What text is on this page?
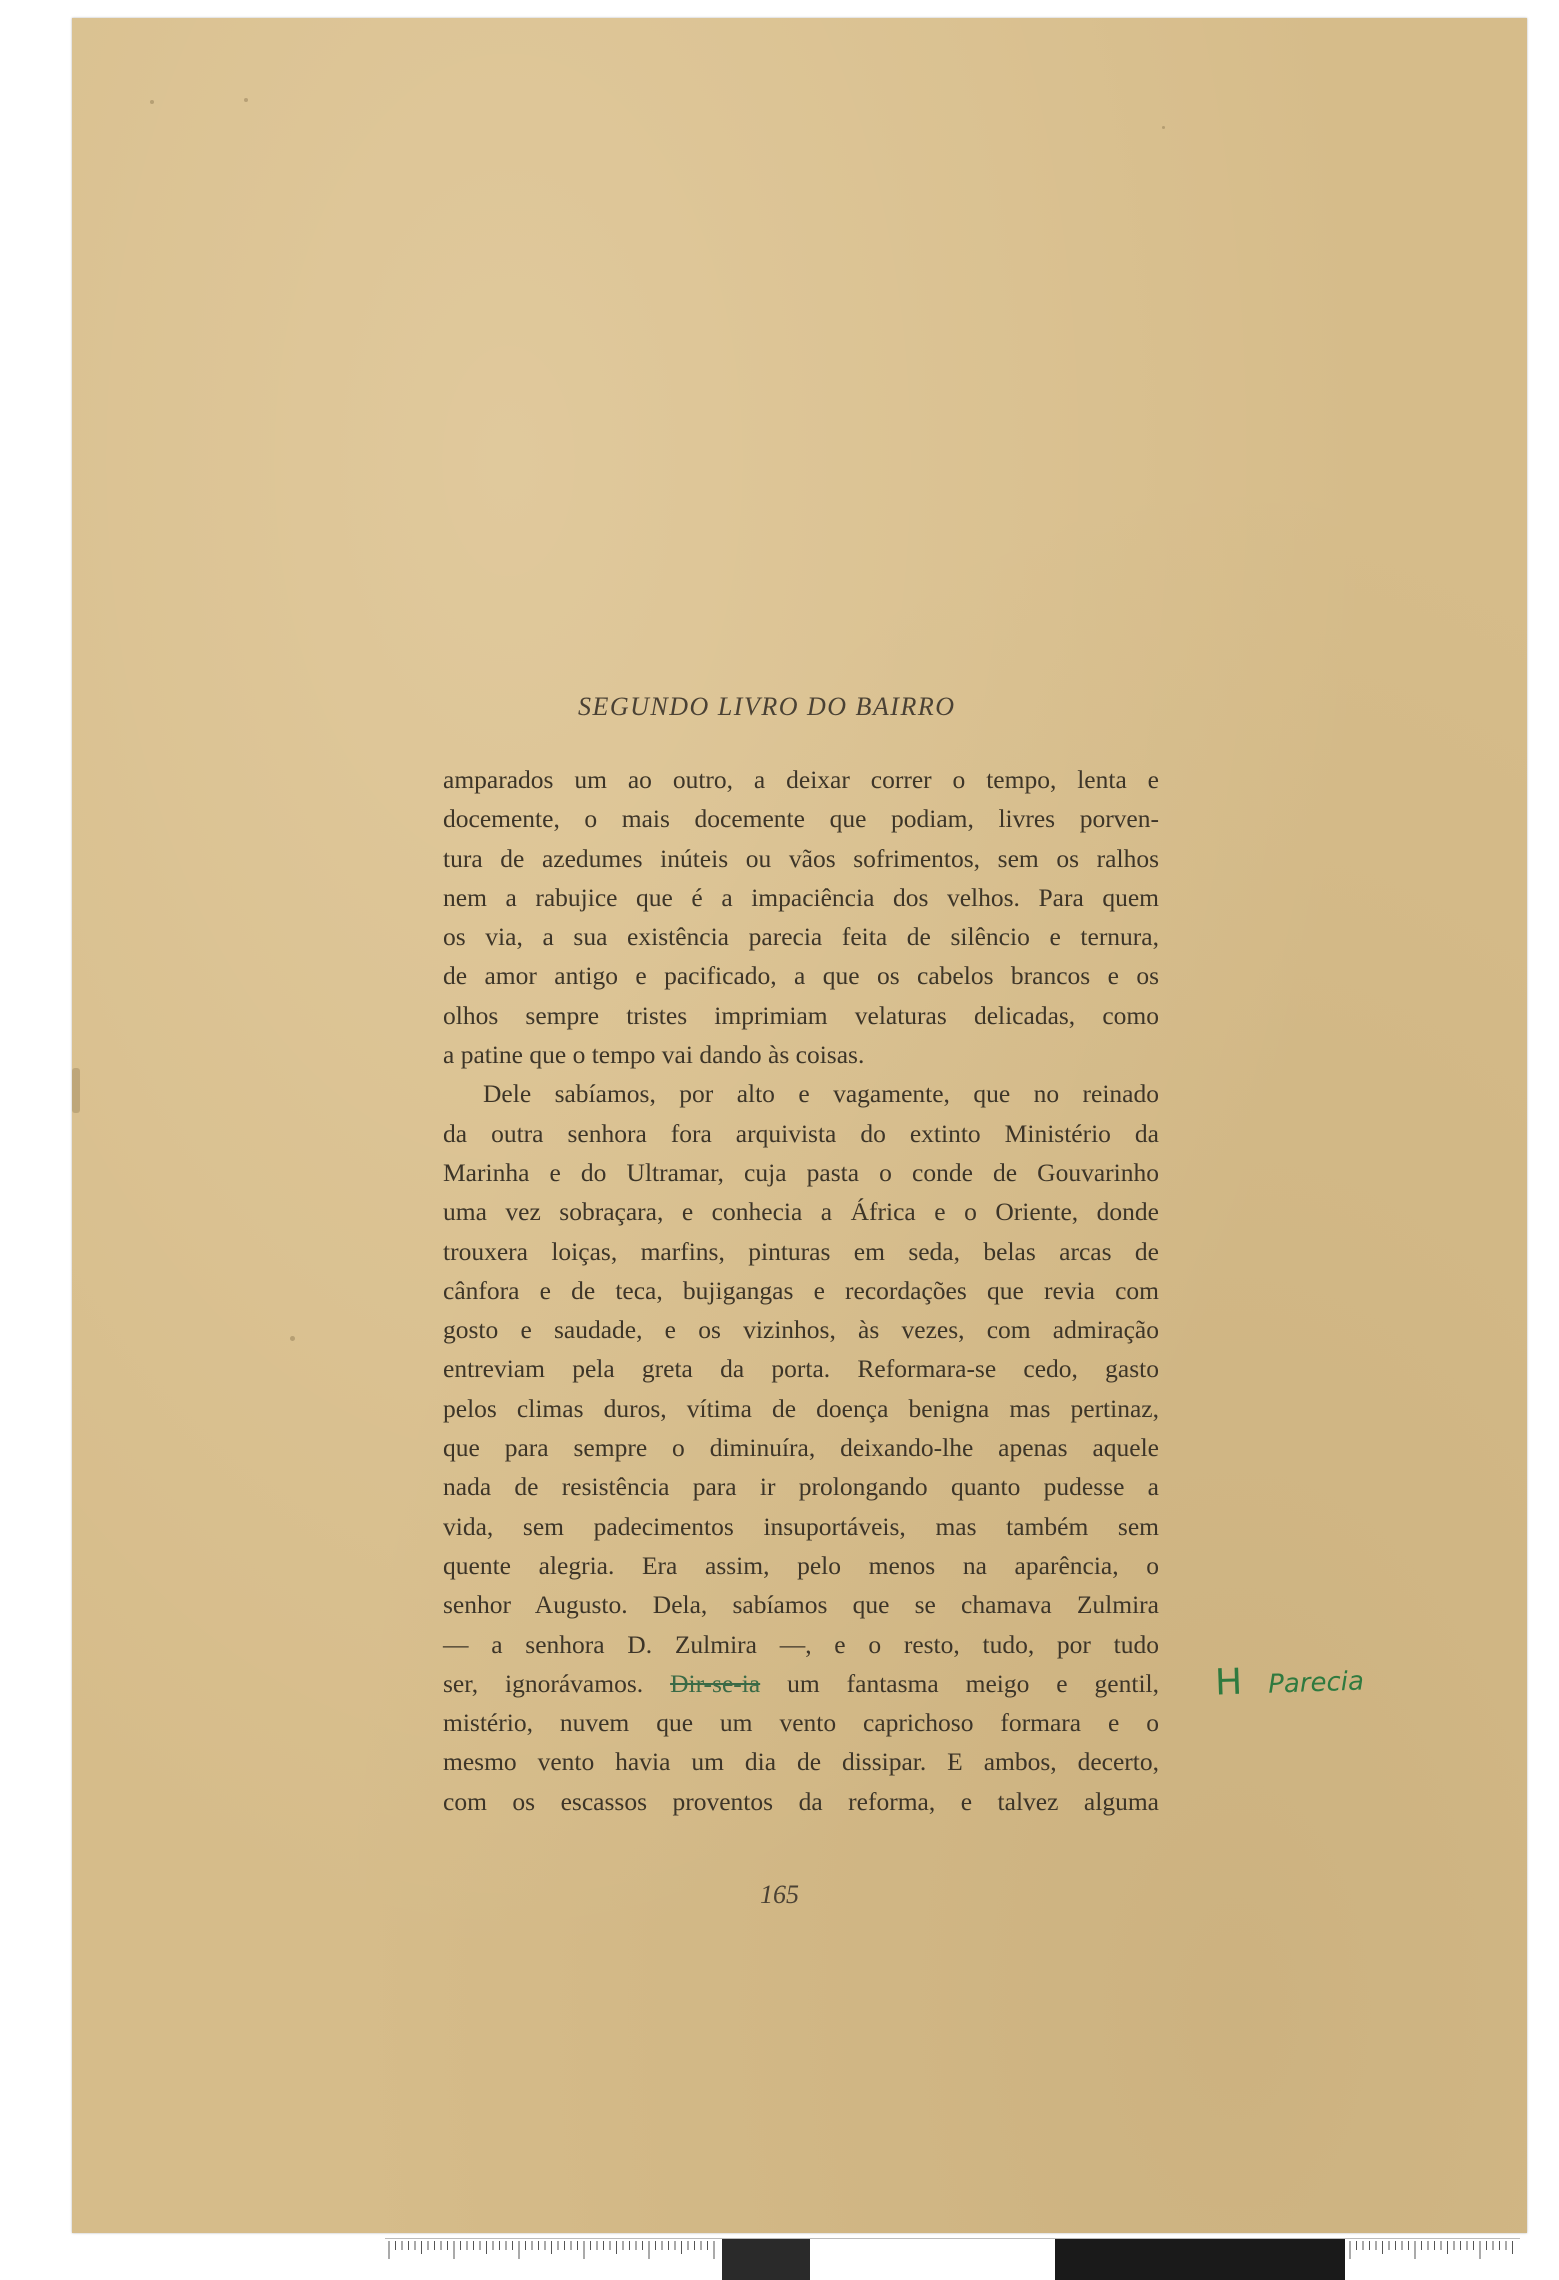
SEGUNDO LIVRO DO BAIRRO
amparados um ao outro, a deixar correr o tempo, lenta e
docemente, o mais docemente que podiam, livres porven-
tura de azedumes inúteis ou vãos sofrimentos, sem os ralhos
nem a rabujice que é a impaciência dos velhos. Para quem
os via, a sua existência parecia feita de silêncio e ternura,
de amor antigo e pacificado, a que os cabelos brancos e os
olhos sempre tristes imprimiam velaturas delicadas, como
a patine que o tempo vai dando às coisas.
Dele sabíamos, por alto e vagamente, que no reinado
da outra senhora fora arquivista do extinto Ministério da
Marinha e do Ultramar, cuja pasta o conde de Gouvarinho
uma vez sobraçara, e conhecia a África e o Oriente, donde
trouxera loiças, marfins, pinturas em seda, belas arcas de
cânfora e de teca, bujigangas e recordações que revia com
gosto e saudade, e os vizinhos, às vezes, com admiração
entreviam pela greta da porta. Reformara-se cedo, gasto
pelos climas duros, vítima de doença benigna mas pertinaz,
que para sempre o diminuíra, deixando-lhe apenas aquele
nada de resistência para ir prolongando quanto pudesse a
vida, sem padecimentos insuportáveis, mas também sem
quente alegria. Era assim, pelo menos na aparência, o
senhor Augusto. Dela, sabíamos que se chamava Zulmira
— a senhora D. Zulmira —, e o resto, tudo, por tudo
ser, ignorávamos. Dir-se-ia um fantasma meigo e gentil,
mistério, nuvem que um vento caprichoso formara e o
mesmo vento havia um dia de dissipar. E ambos, decerto,
com os escassos proventos da reforma, e talvez alguma
165
H Parecia
